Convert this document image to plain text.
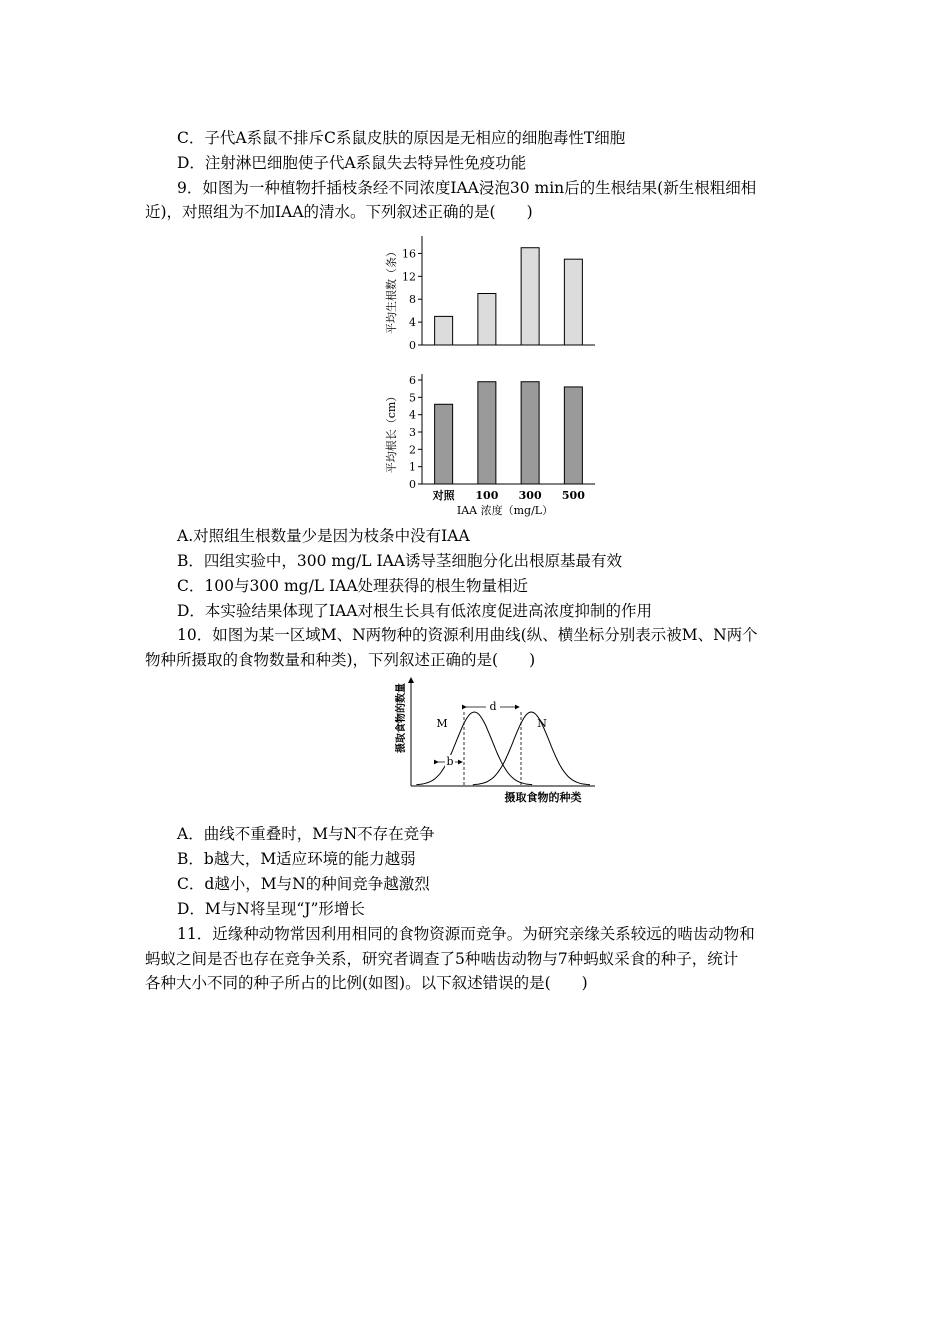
C．子代A系鼠不排斥C系鼠皮肤的原因是无相应的细胞毒性T细胞
D．注射淋巴细胞使子代A系鼠失去特异性免疫功能
9．如图为一种植物扦插枝条经不同浓度IAA浸泡30 min后的生根结果(新生根粗细相
近)，对照组为不加IAA的清水。下列叙述正确的是(　　)
平均生根数（条）
0
4
8
12
16
平均根长（cm）
IAA 浓度（mg/L）
0
1
2
3
4
5
6
对照 100 300 500
A.对照组生根数量少是因为枝条中没有IAA
B．四组实验中，300 mg/L IAA诱导茎细胞分化出根原基最有效
C．100与300 mg/L IAA处理获得的根生物量相近
D．本实验结果体现了IAA对根生长具有低浓度促进高浓度抑制的作用
10．如图为某一区域M、N两物种的资源利用曲线(纵、横坐标分别表示被M、N两个
物种所摄取的食物数量和种类)，下列叙述正确的是(　　)
摄取食物的数量
摄取食物的种类
d
b
M	N
A．曲线不重叠时，M与N不存在竞争
B．b越大，M适应环境的能力越弱
C．d越小，M与N的种间竞争越激烈
D．M与N将呈现“J”形增长
11．近缘种动物常因利用相同的食物资源而竞争。为研究亲缘关系较远的啮齿动物和
蚂蚁之间是否也存在竞争关系，研究者调查了5种啮齿动物与7种蚂蚁采食的种子，统计
各种大小不同的种子所占的比例(如图)。以下叙述错误的是(　　)
